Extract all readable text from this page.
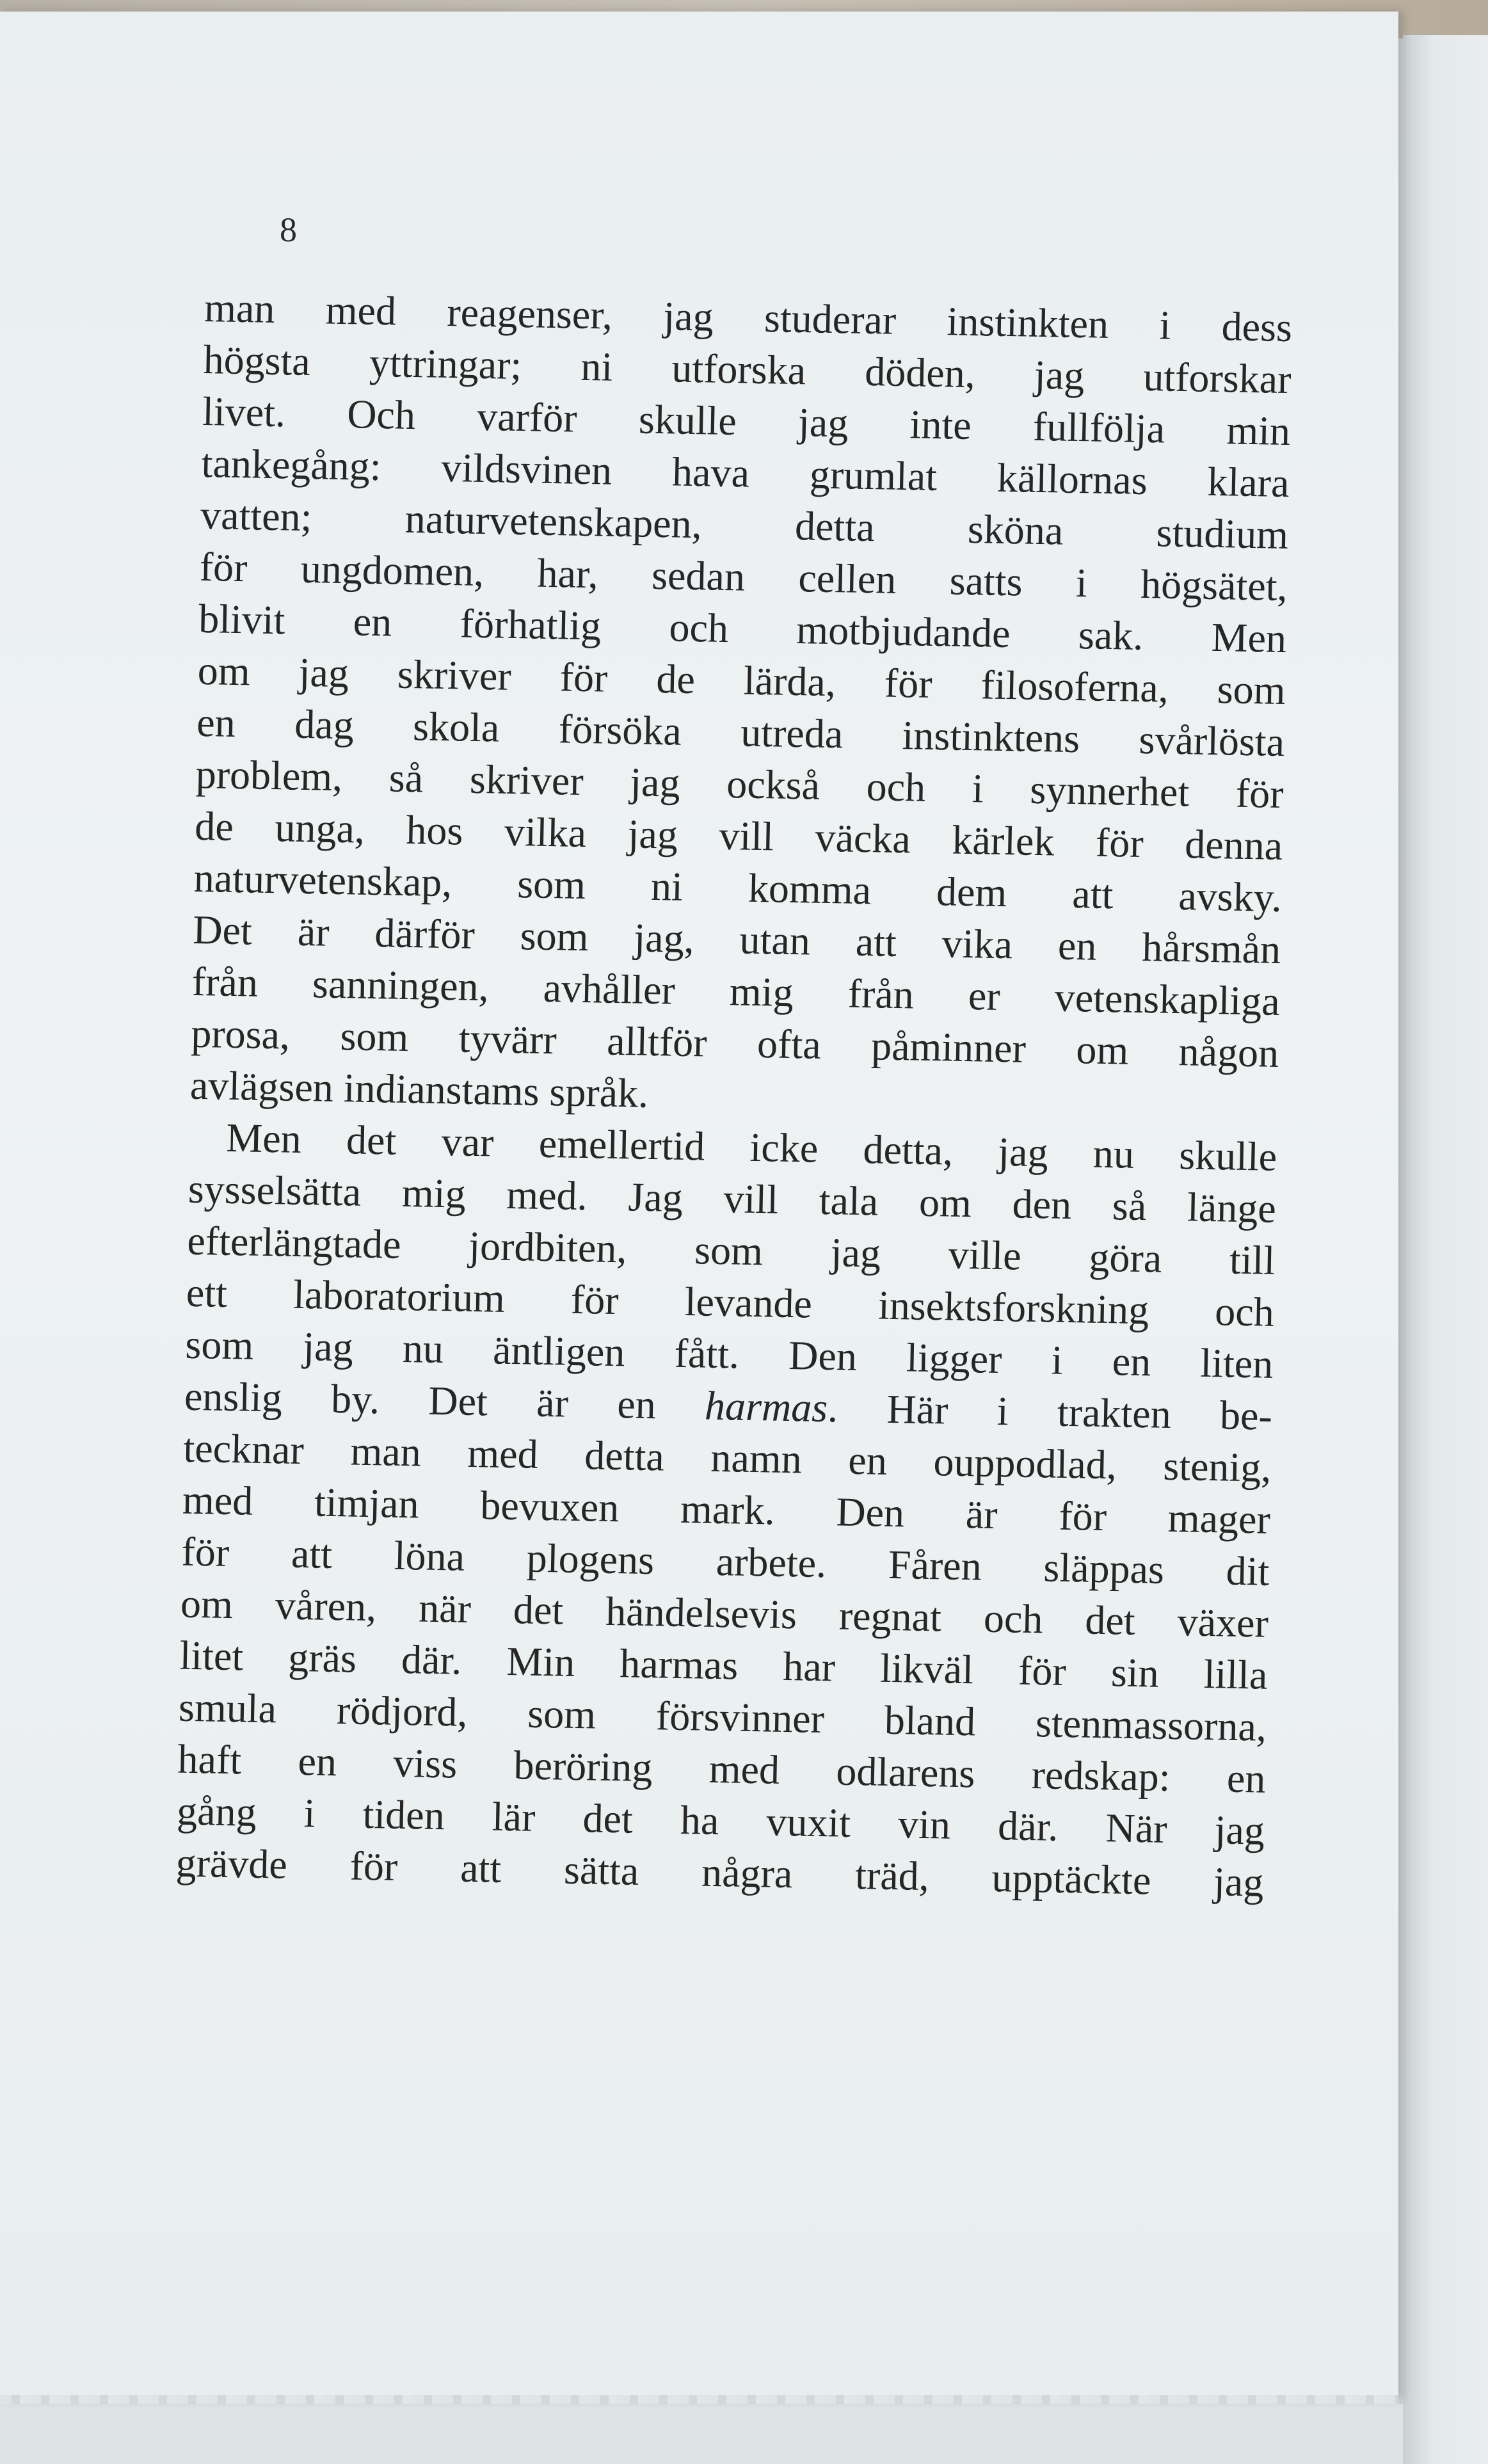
8
man med reagenser, jag studerar instinkten i dess
högsta yttringar; ni utforska döden, jag utforskar
livet. Och varför skulle jag inte fullfölja min
tankegång: vildsvinen hava grumlat källornas klara
vatten; naturvetenskapen, detta sköna studium
för ungdomen, har, sedan cellen satts i högsätet,
blivit en förhatlig och motbjudande sak. Men
om jag skriver för de lärda, för filosoferna, som
en dag skola försöka utreda instinktens svårlösta
problem, så skriver jag också och i synnerhet för
de unga, hos vilka jag vill väcka kärlek för denna
naturvetenskap, som ni komma dem att avsky.
Det är därför som jag, utan att vika en hårsmån
från sanningen, avhåller mig från er vetenskapliga
prosa, som tyvärr alltför ofta påminner om någon
avlägsen indianstams språk.
Men det var emellertid icke detta, jag nu skulle
sysselsätta mig med. Jag vill tala om den så länge
efterlängtade jordbiten, som jag ville göra till
ett laboratorium för levande insektsforskning och
som jag nu äntligen fått. Den ligger i en liten
enslig by. Det är en harmas. Här i trakten be-
tecknar man med detta namn en ouppodlad, stenig,
med timjan bevuxen mark. Den är för mager
för att löna plogens arbete. Fåren släppas dit
om våren, när det händelsevis regnat och det växer
litet gräs där. Min harmas har likväl för sin lilla
smula rödjord, som försvinner bland stenmassorna,
haft en viss beröring med odlarens redskap: en
gång i tiden lär det ha vuxit vin där. När jag
grävde för att sätta några träd, upptäckte jag
